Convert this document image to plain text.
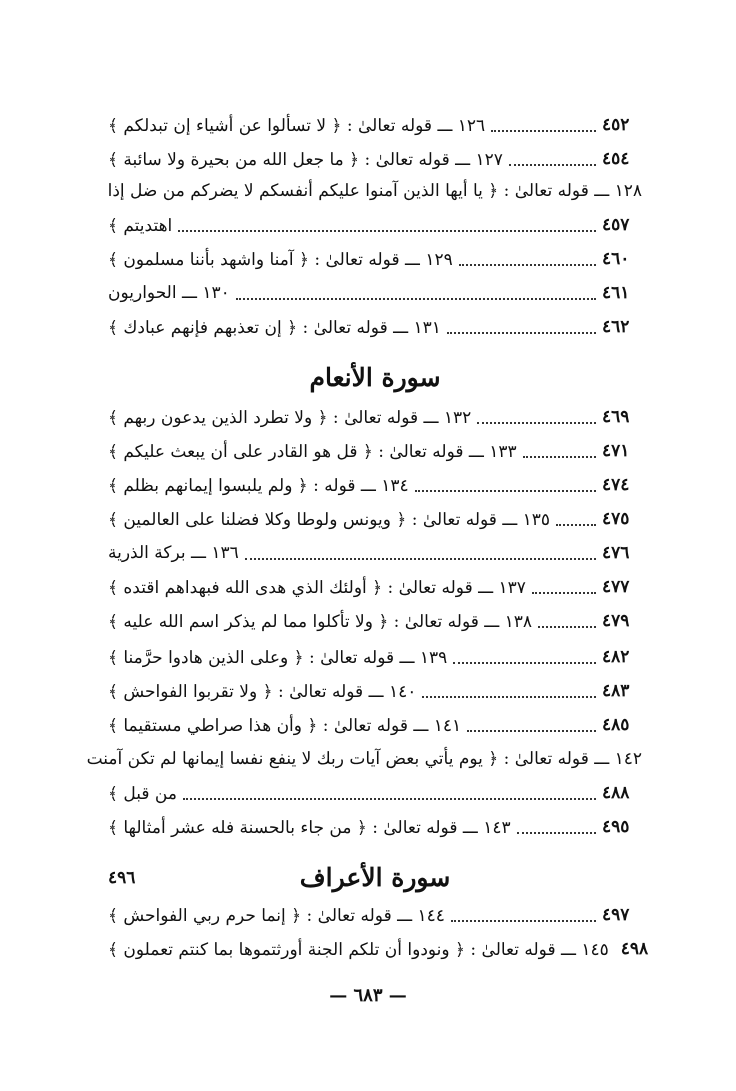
١٢٦ ـــ قوله تعالىٰ : ﴿ لا تسألوا عن أشياء إن تبدلكم ﴾	٤٥٢
١٢٧ ـــ قوله تعالىٰ : ﴿ ما جعل الله من بحيرة ولا سائبة ﴾	٤٥٤
١٢٨ ـــ قوله تعالىٰ : ﴿ يا أيها الذين آمنوا عليكم أنفسكم لا يضركم من ضل إذا
اهتديتم ﴾	٤٥٧
١٢٩ ـــ قوله تعالىٰ : ﴿ آمنا واشهد بأننا مسلمون ﴾	٤٦٠
١٣٠ ـــ الحواريون	٤٦١
١٣١ ـــ قوله تعالىٰ : ﴿ إن تعذبهم فإنهم عبادك ﴾	٤٦٢
سورة الأنعام
١٣٢ ـــ قوله تعالىٰ : ﴿ ولا تطرد الذين يدعون ربهم ﴾	٤٦٩
١٣٣ ـــ قوله تعالىٰ : ﴿ قل هو القادر على أن يبعث عليكم ﴾	٤٧١
١٣٤ ـــ قوله : ﴿ ولم يلبسوا إيمانهم بظلم ﴾	٤٧٤
١٣٥ ـــ قوله تعالىٰ : ﴿ ويونس ولوطا وكلا فضلنا على العالمين ﴾	٤٧٥
١٣٦ ـــ بركة الذرية	٤٧٦
١٣٧ ـــ قوله تعالىٰ : ﴿ أولئك الذي هدى الله فبهداهم اقتده ﴾	٤٧٧
١٣٨ ـــ قوله تعالىٰ : ﴿ ولا تأكلوا مما لم يذكر اسم الله عليه ﴾	٤٧٩
١٣٩ ـــ قوله تعالىٰ : ﴿ وعلى الذين هادوا حرَّمنا ﴾	٤٨٢
١٤٠ ـــ قوله تعالىٰ : ﴿ ولا تقربوا الفواحش ﴾	٤٨٣
١٤١ ـــ قوله تعالىٰ : ﴿ وأن هذا صراطي مستقيما ﴾	٤٨٥
١٤٢ ـــ قوله تعالىٰ : ﴿ يوم يأتي بعض آيات ربك لا ينفع نفسا إيمانها لم تكن آمنت
من قبل ﴾	٤٨٨
١٤٣ ـــ قوله تعالىٰ : ﴿ من جاء بالحسنة فله عشر أمثالها ﴾	٤٩٥
سورة الأعراف
٤٩٦
١٤٤ ـــ قوله تعالىٰ : ﴿ إنما حرم ربي الفواحش ﴾	٤٩٧
١٤٥ ـــ قوله تعالىٰ : ﴿ ونودوا أن تلكم الجنة أورثتموها بما كنتم تعملون ﴾ ٤٩٨
— ٦٨٣ —
